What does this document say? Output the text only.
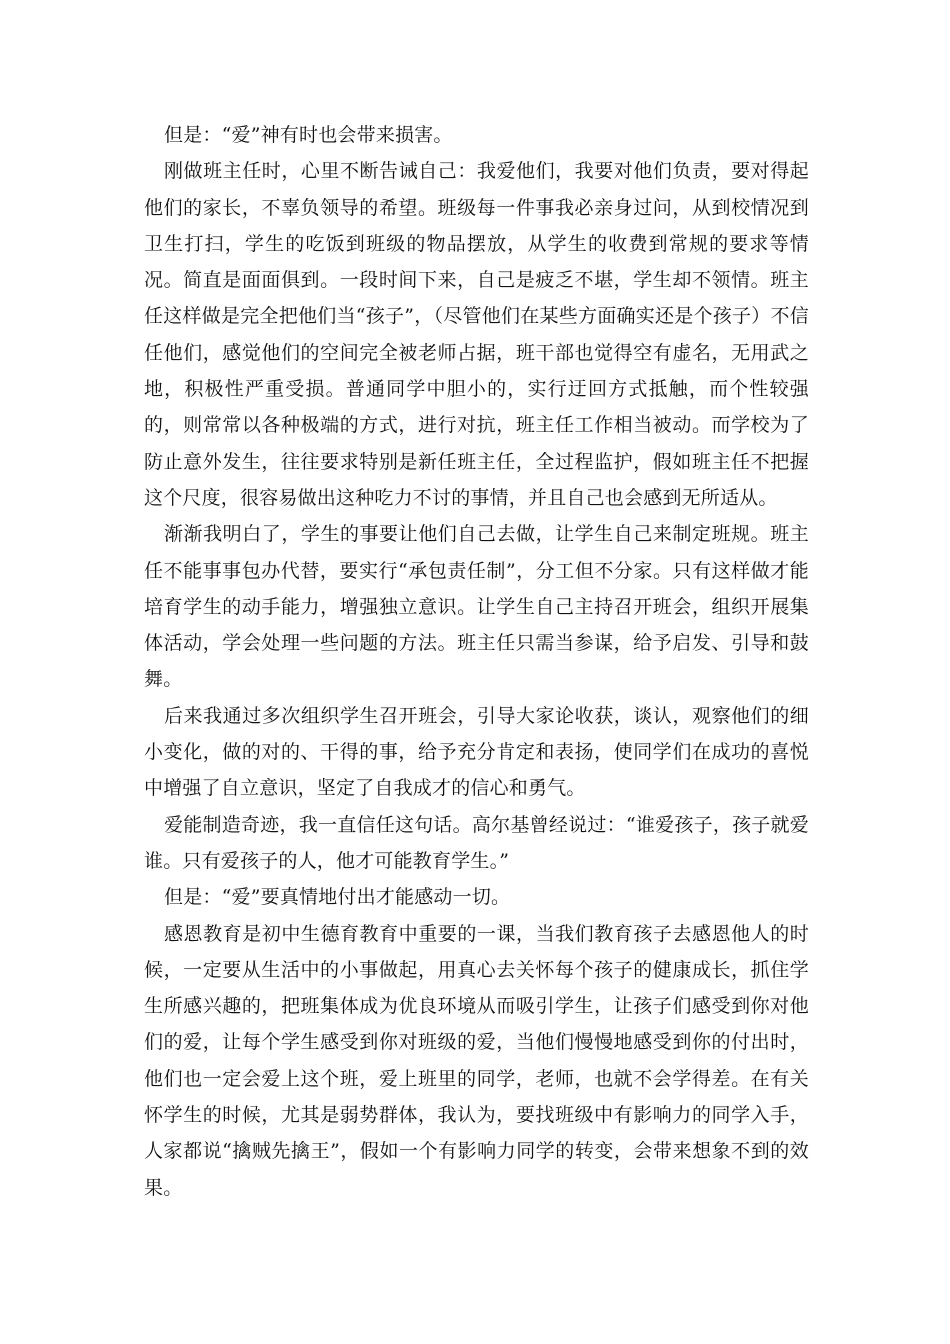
但是：“爱”神有时也会带来损害。

刚做班主任时，心里不断告诫自己：我爱他们，我要对他们负责，要对得起他们的家长，不辜负领导的希望。班级每一件事我必亲身过问，从到校情况到卫生打扫，学生的吃饭到班级的物品摆放，从学生的收费到常规的要求等情况。简直是面面俱到。一段时间下来，自己是疲乏不堪，学生却不领情。班主任这样做是完全把他们当“孩子”，（尽管他们在某些方面确实还是个孩子）不信任他们，感觉他们的空间完全被老师占据，班干部也觉得空有虚名，无用武之地，积极性严重受损。普通同学中胆小的，实行迂回方式抵触，而个性较强的，则常常以各种极端的方式，进行对抗，班主任工作相当被动。而学校为了防止意外发生，往往要求特别是新任班主任，全过程监护，假如班主任不把握这个尺度，很容易做出这种吃力不讨的事情，并且自己也会感到无所适从。

渐渐我明白了，学生的事要让他们自己去做，让学生自己来制定班规。班主任不能事事包办代替，要实行“承包责任制”，分工但不分家。只有这样做才能培育学生的动手能力，增强独立意识。让学生自己主持召开班会，组织开展集体活动，学会处理一些问题的方法。班主任只需当参谋，给予启发、引导和鼓舞。

后来我通过多次组织学生召开班会，引导大家论收获，谈认，观察他们的细小变化，做的对的、干得的事，给予充分肯定和表扬，使同学们在成功的喜悦中增强了自立意识，坚定了自我成才的信心和勇气。

爱能制造奇迹，我一直信任这句话。高尔基曾经说过：“谁爱孩子，孩子就爱谁。只有爱孩子的人，他才可能教育学生。”

但是：“爱”要真情地付出才能感动一切。

感恩教育是初中生德育教育中重要的一课，当我们教育孩子去感恩他人的时候，一定要从生活中的小事做起，用真心去关怀每个孩子的健康成长，抓住学生所感兴趣的，把班集体成为优良环境从而吸引学生，让孩子们感受到你对他们的爱，让每个学生感受到你对班级的爱，当他们慢慢地感受到你的付出时，他们也一定会爱上这个班，爱上班里的同学，老师，也就不会学得差。在有关怀学生的时候，尤其是弱势群体，我认为，要找班级中有影响力的同学入手，人家都说“擒贼先擒王”，假如一个有影响力同学的转变，会带来想象不到的效果。
